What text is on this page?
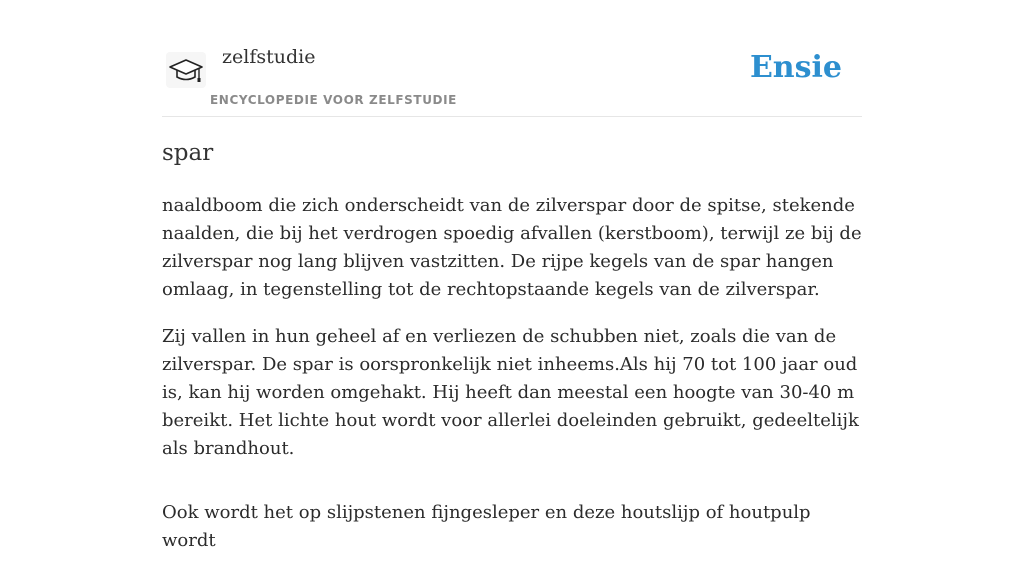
zelfstudie
ENCYCLOPEDIE VOOR ZELFSTUDIE
Ensie
spar

naaldboom die zich onderscheidt van de zilverspar door de spitse, stekende naalden, die bij het verdrogen spoedig afvallen (kerstboom), terwijl ze bij de zilverspar nog lang blijven vastzitten. De rijpe kegels van de spar hangen omlaag, in tegenstelling tot de rechtopstaande kegels van de zilverspar.

Zij vallen in hun geheel af en verliezen de schubben niet, zoals die van de zilverspar. De spar is oorspronkelijk niet inheems.Als hij 70 tot 100 jaar oud is, kan hij worden omgehakt. Hij heeft dan meestal een hoogte van 30-40 m bereikt. Het lichte hout wordt voor allerlei doeleinden gebruikt, gedeeltelijk als brandhout.

Ook wordt het op slijpstenen fijngesleper en deze houtslijp of houtpulp wordt
